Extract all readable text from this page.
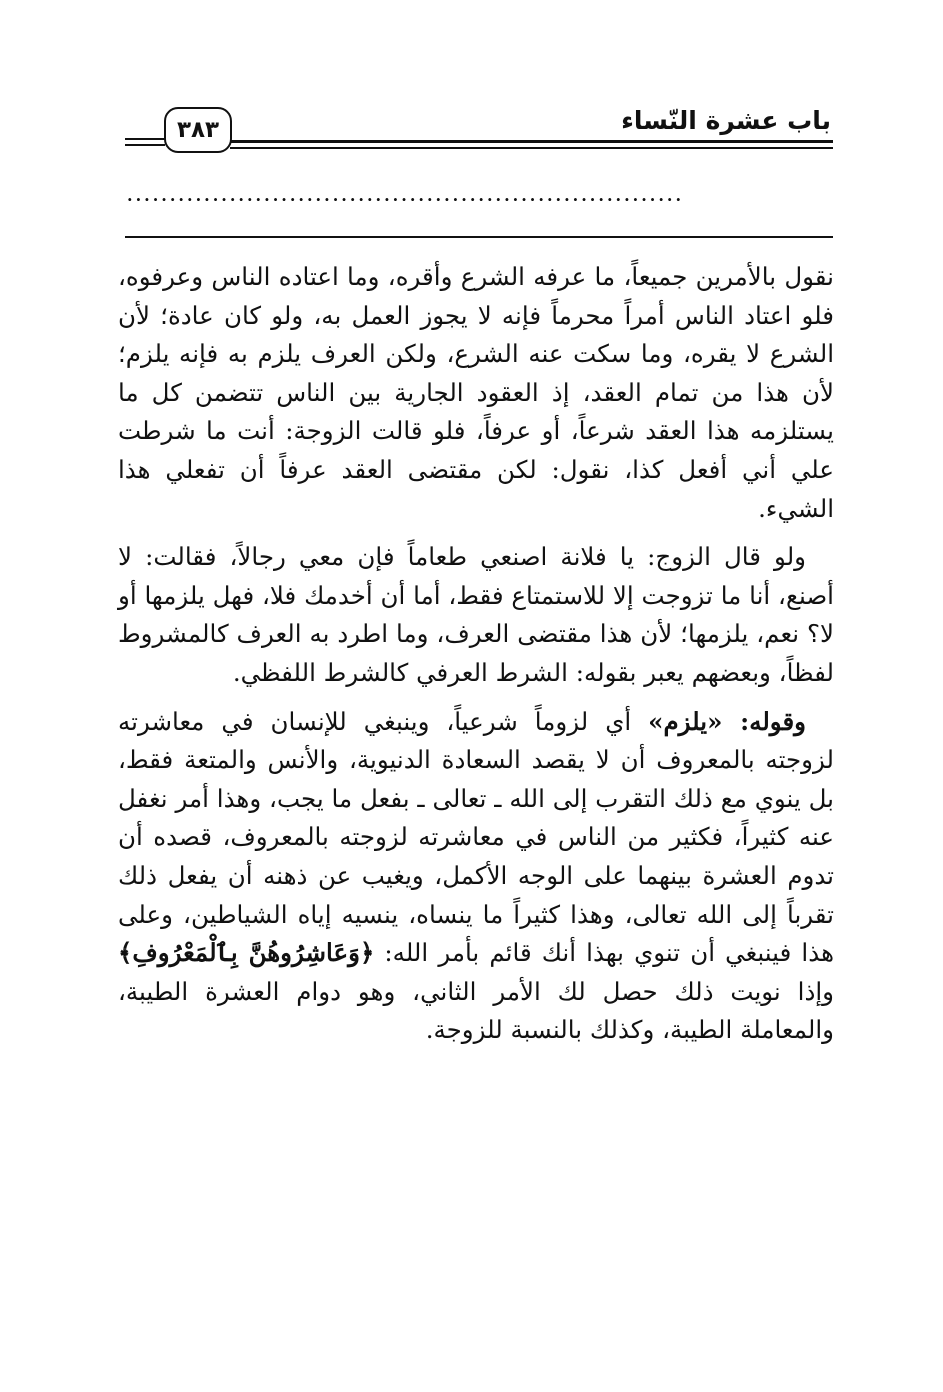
باب عشرة النّساء
٣٨٣
.................................................................

نقول بالأمرين جميعاً، ما عرفه الشرع وأقره، وما اعتاده الناس وعرفوه، فلو اعتاد الناس أمراً محرماً فإنه لا يجوز العمل به، ولو كان عادة؛ لأن الشرع لا يقره، وما سكت عنه الشرع، ولكن العرف يلزم به فإنه يلزم؛ لأن هذا من تمام العقد، إذ العقود الجارية بين الناس تتضمن كل ما يستلزمه هذا العقد شرعاً، أو عرفاً، فلو قالت الزوجة: أنت ما شرطت علي أني أفعل كذا، نقول: لكن مقتضى العقد عرفاً أن تفعلي هذا الشيء.

ولو قال الزوج: يا فلانة اصنعي طعاماً فإن معي رجالاً، فقالت: لا أصنع، أنا ما تزوجت إلا للاستمتاع فقط، أما أن أخدمك فلا، فهل يلزمها أو لا؟ نعم، يلزمها؛ لأن هذا مقتضى العرف، وما اطرد به العرف كالمشروط لفظاً، وبعضهم يعبر بقوله: الشرط العرفي كالشرط اللفظي.

وقوله: «يلزم» أي لزوماً شرعياً، وينبغي للإنسان في معاشرته لزوجته بالمعروف أن لا يقصد السعادة الدنيوية، والأنس والمتعة فقط، بل ينوي مع ذلك التقرب إلى الله ـ تعالى ـ بفعل ما يجب، وهذا أمر نغفل عنه كثيراً، فكثير من الناس في معاشرته لزوجته بالمعروف، قصده أن تدوم العشرة بينهما على الوجه الأكمل، ويغيب عن ذهنه أن يفعل ذلك تقرباً إلى الله تعالى، وهذا كثيراً ما ينساه، ينسيه إياه الشياطين، وعلى هذا فينبغي أن تنوي بهذا أنك قائم بأمر الله: ﴿وَعَاشِرُوهُنَّ بِٱلْمَعْرُوفِ﴾ وإذا نويت ذلك حصل لك الأمر الثاني، وهو دوام العشرة الطيبة، والمعاملة الطيبة، وكذلك بالنسبة للزوجة.
